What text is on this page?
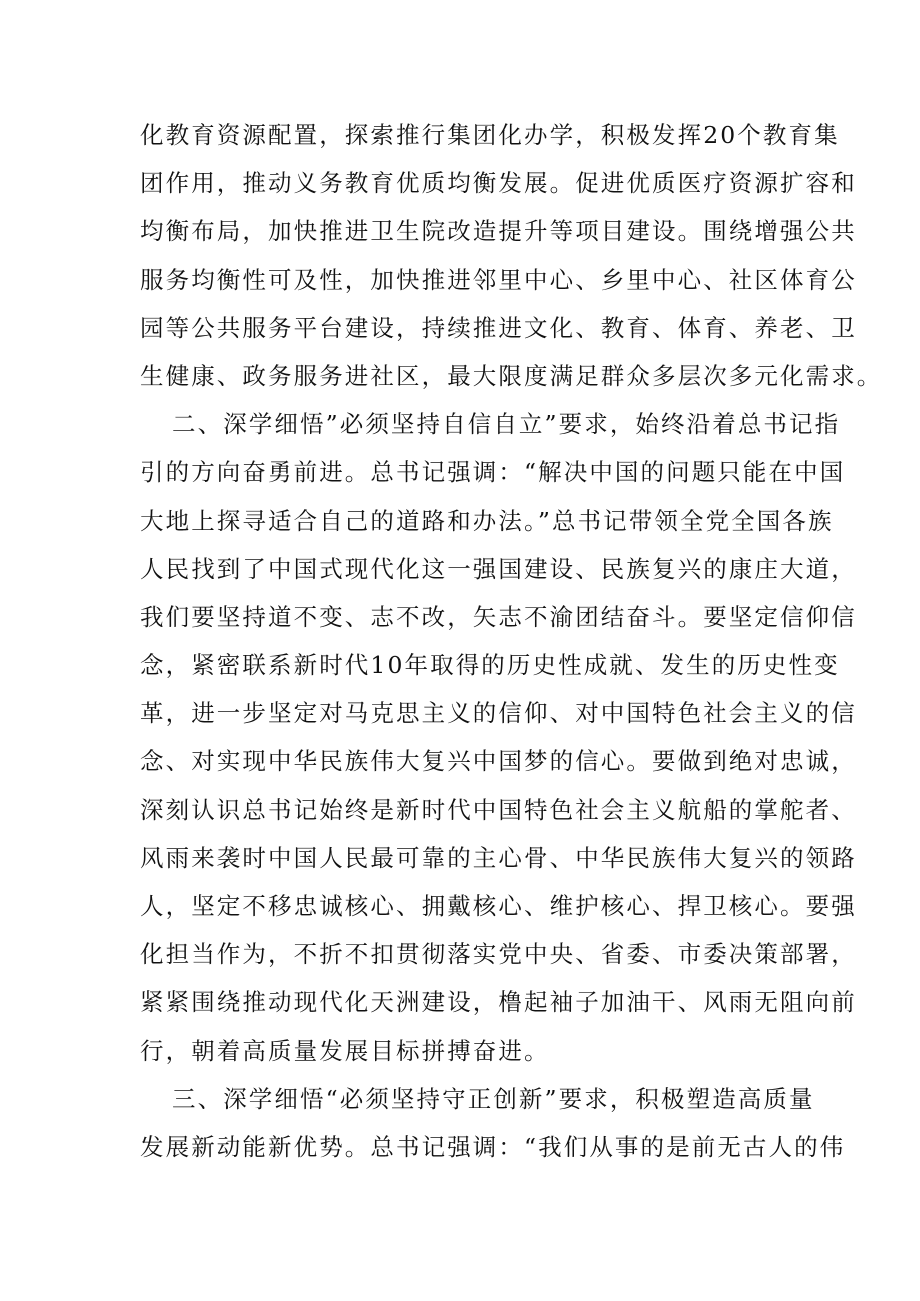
化教育资源配置，探索推行集团化办学，积极发挥20个教育集
团作用，推动义务教育优质均衡发展。促进优质医疗资源扩容和
均衡布局，加快推进卫生院改造提升等项目建设。围绕增强公共
服务均衡性可及性，加快推进邻里中心、乡里中心、社区体育公
园等公共服务平台建设，持续推进文化、教育、体育、养老、卫
生健康、政务服务进社区，最大限度满足群众多层次多元化需求。
二、深学细悟”必须坚持自信自立”要求，始终沿着总书记指
引的方向奋勇前进。总书记强调：“解决中国的问题只能在中国
大地上探寻适合自己的道路和办法。”总书记带领全党全国各族
人民找到了中国式现代化这一强国建设、民族复兴的康庄大道，
我们要坚持道不变、志不改，矢志不渝团结奋斗。要坚定信仰信
念，紧密联系新时代10年取得的历史性成就、发生的历史性变
革，进一步坚定对马克思主义的信仰、对中国特色社会主义的信
念、对实现中华民族伟大复兴中国梦的信心。要做到绝对忠诚，
深刻认识总书记始终是新时代中国特色社会主义航船的掌舵者、
风雨来袭时中国人民最可靠的主心骨、中华民族伟大复兴的领路
人，坚定不移忠诚核心、拥戴核心、维护核心、捍卫核心。要强
化担当作为，不折不扣贯彻落实党中央、省委、市委决策部署，
紧紧围绕推动现代化天洲建设，橹起袖子加油干、风雨无阻向前
行，朝着高质量发展目标拼搏奋进。
三、深学细悟“必须坚持守正创新”要求，积极塑造高质量
发展新动能新优势。总书记强调：“我们从事的是前无古人的伟
